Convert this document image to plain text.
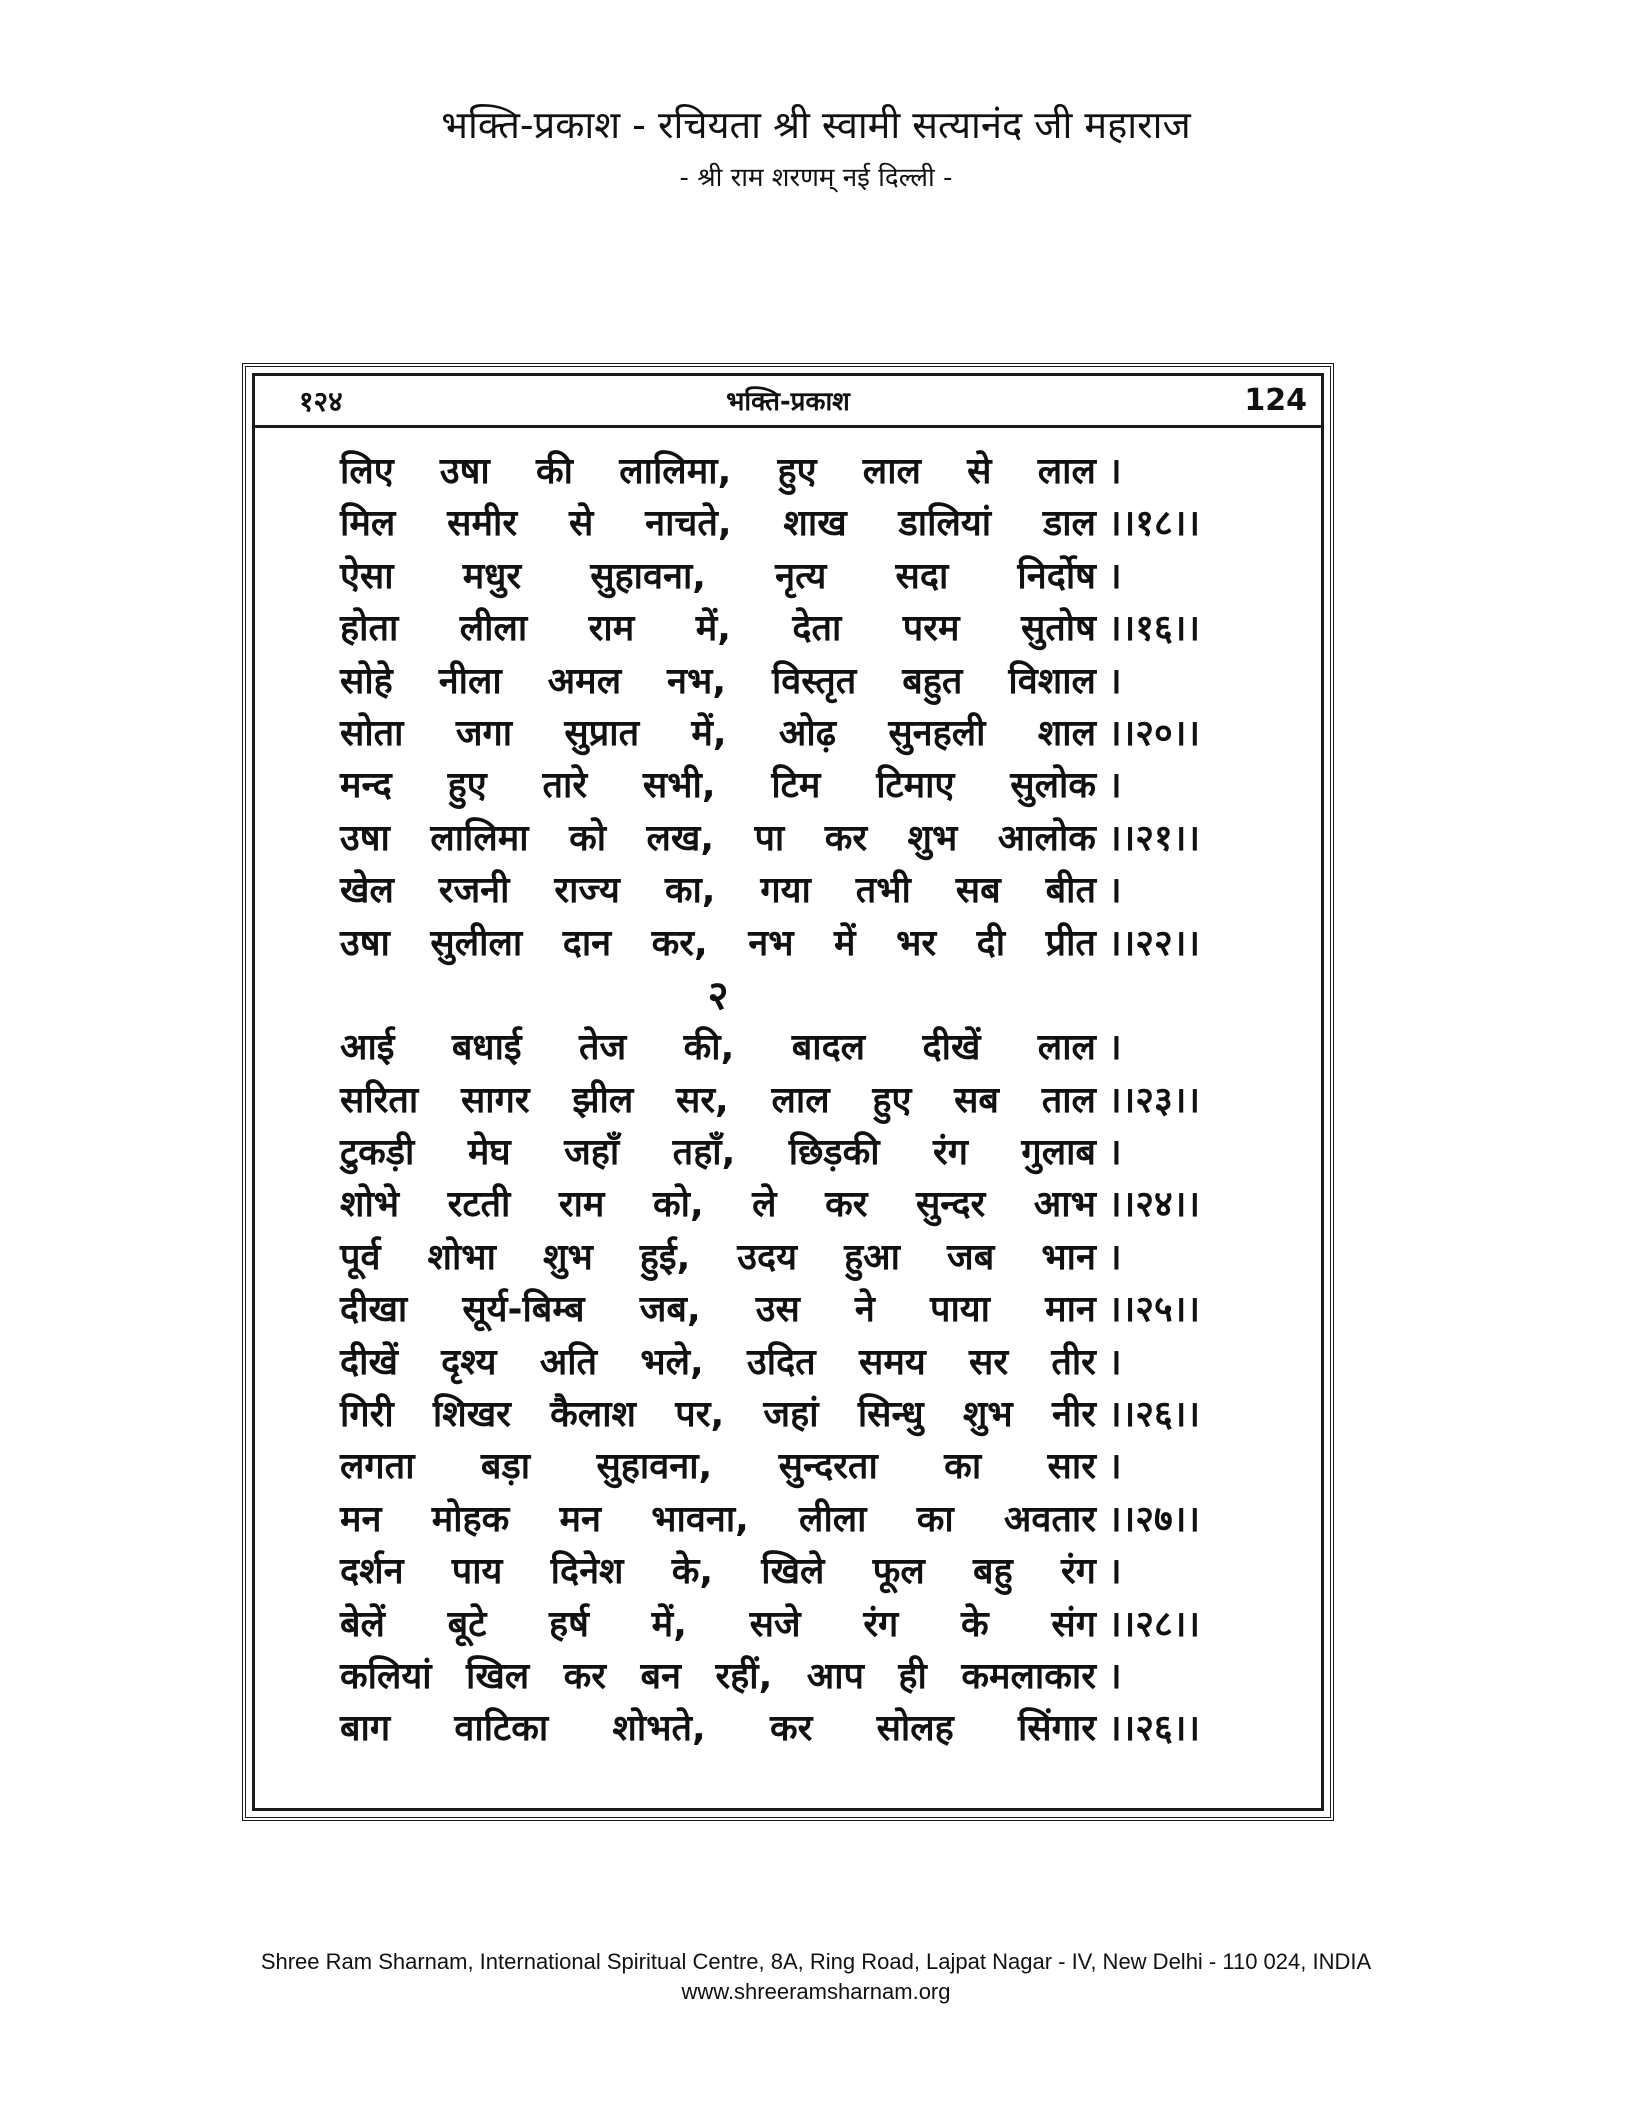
भक्ति-प्रकाश - रचियता श्री स्वामी सत्यानंद जी महाराज
- श्री राम शरणम् नई दिल्ली -
१२४	भक्ति-प्रकाश	124
लिए उषा की लालिमा, हुए लाल से लाल ।
मिल समीर से नाचते, शाख डालियां डाल ।।१८।।
ऐसा मधुर सुहावना, नृत्य सदा निर्दोष ।
होता लीला राम में, देता परम सुतोष ।।१६।।
सोहे नीला अमल नभ, विस्तृत बहुत विशाल ।
सोता जगा सुप्रात में, ओढ़ सुनहली शाल ।।२०।।
मन्द हुए तारे सभी, टिम टिमाए सुलोक ।
उषा लालिमा को लख, पा कर शुभ आलोक ।।२१।।
खेल रजनी राज्य का, गया तभी सब बीत ।
उषा सुलीला दान कर, नभ में भर दी प्रीत ।।२२।।
२
आई बधाई तेज की, बादल दीखें लाल ।
सरिता सागर झील सर, लाल हुए सब ताल ।।२३।।
टुकड़ी मेघ जहाँ तहाँ, छिड़की रंग गुलाब ।
शोभे रटती राम को, ले कर सुन्दर आभ ।।२४।।
पूर्व शोभा शुभ हुई, उदय हुआ जब भान ।
दीखा सूर्य-बिम्ब जब, उस ने पाया मान ।।२५।।
दीखें दृश्य अति भले, उदित समय सर तीर ।
गिरी शिखर कैलाश पर, जहां सिन्धु शुभ नीर ।।२६।।
लगता बड़ा सुहावना, सुन्दरता का सार ।
मन मोहक मन भावना, लीला का अवतार ।।२७।।
दर्शन पाय दिनेश के, खिले फूल बहु रंग ।
बेलें बूटे हर्ष में, सजे रंग के संग ।।२८।।
कलियां खिल कर बन रहीं, आप ही कमलाकार ।
बाग वाटिका शोभते, कर सोलह सिंगार ।।२६।।
Shree Ram Sharnam, International Spiritual Centre, 8A, Ring Road, Lajpat Nagar - IV, New Delhi - 110 024, INDIA
www.shreeramsharnam.org
